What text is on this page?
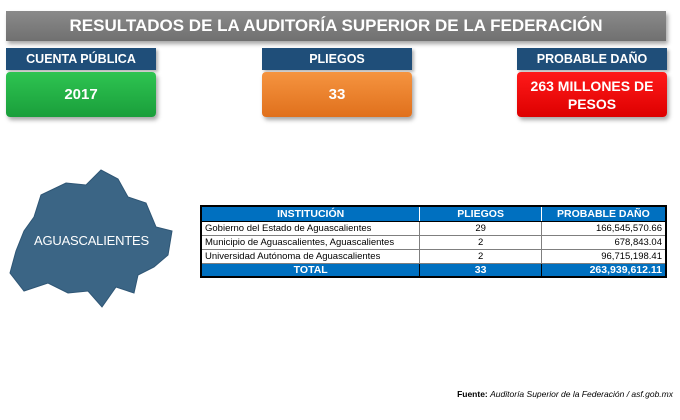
RESULTADOS DE LA AUDITORÍA SUPERIOR DE LA FEDERACIÓN
CUENTA PÚBLICA
2017
PLIEGOS
33
PROBABLE DAÑO
263 MILLONES DE PESOS
AGUASCALIENTES
INSTITUCIÓN	PLIEGOS	PROBABLE DAÑO
Gobierno del Estado de Aguascalientes	29	166,545,570.66
Municipio de Aguascalientes, Aguascalientes	2	678,843.04
Universidad Autónoma de Aguascalientes	2	96,715,198.41
TOTAL	33	263,939,612.11
Fuente: Auditoría Superior de la Federación / asf.gob.mx
